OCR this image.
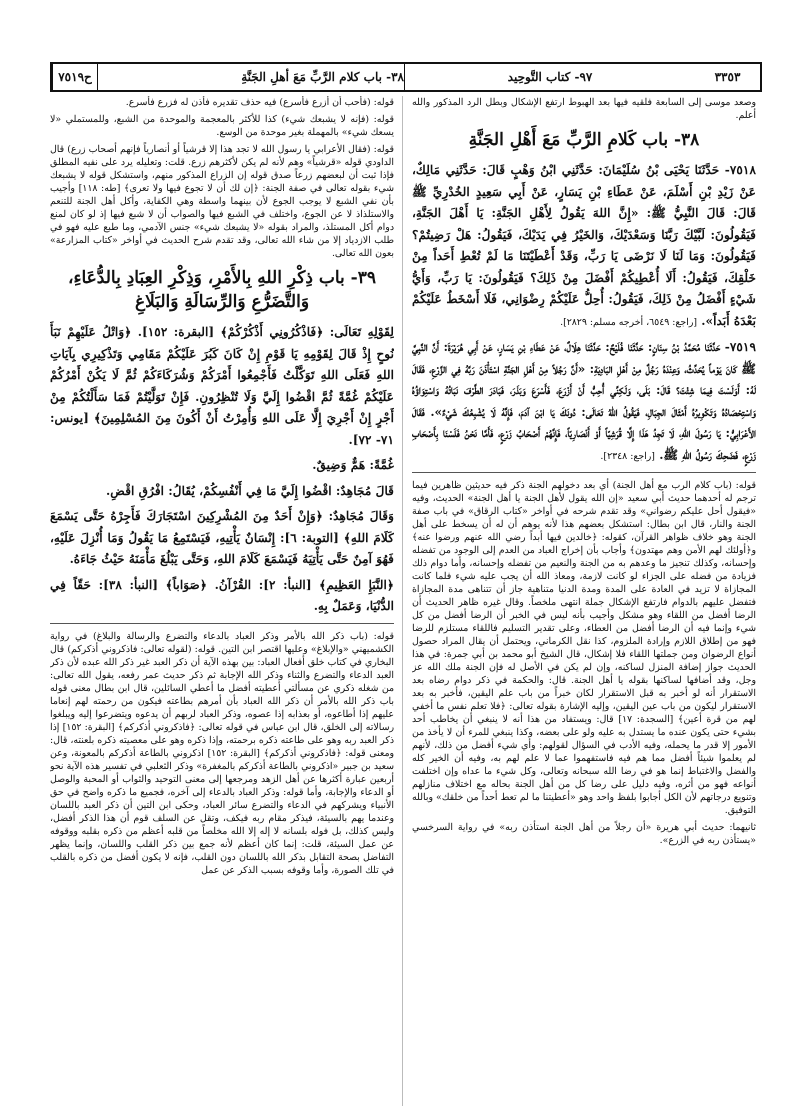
٣٣٥٣
٩٧- كتاب التَّوحِيد
٣٨- باب كلام الرَّبِّ مَعَ أهلِ الجَنَّةِ
ح٧٥١٩

وصعد موسى إلى السابعة فلقيه فيها بعد الهبوط ارتفع الإشكال وبطل الرد المذكور والله أعلم.

٣٨- باب كَلامِ الرَّبِّ مَعَ أَهْلِ الجَنَّةِ

٧٥١٨- حَدَّثَنَا يَحْيَى بْنُ سُلَيْمَانَ: حَدَّثَنِي ابْنُ وَهْبٍ قَالَ: حَدَّثَنِي مَالِكٌ، عَنْ زَيْدِ بْنِ أَسْلَمَ، عَنْ عَطَاءِ بْنِ يَسَارٍ، عَنْ أَبِي سَعِيدٍ الخُدْرِيِّ ﷺ قَالَ: قَالَ النَّبِيُّ ﷺ: «إِنَّ اللهَ يَقُولُ لِأَهْلِ الجَنَّةِ: يَا أَهْلَ الجَنَّةِ، فَيَقُولُونَ: لَبَّيْكَ رَبَّنَا وَسَعْدَيْكَ، وَالخَيْرُ فِي يَدَيْكَ، فَيَقُولُ: هَلْ رَضِيتُمْ؟ فَيَقُولُونَ: وَمَا لَنَا لَا نَرْضَى يَا رَبِّ، وَقَدْ أَعْطَيْتَنَا مَا لَمْ تُعْطِ أَحَداً مِنْ خَلْقِكَ، فَيَقُولُ: أَلَا أُعْطِيكُمْ أَفْضَلَ مِنْ ذَلِكَ؟ فَيَقُولُونَ: يَا رَبِّ، وَأَيُّ شَيْءٍ أَفْضَلُ مِنْ ذَلِكَ، فَيَقُولُ: أُحِلُّ عَلَيْكُمْ رِضْوَانِي، فَلَا أَسْخَطُ عَلَيْكُمْ بَعْدَهُ أَبَداً». [راجع: ٦٥٤٩، أخرجه مسلم: ٢٨٢٩].

٧٥١٩- حَدَّثَنَا مُحَمَّدُ بْنُ سِنَانٍ: حَدَّثَنَا فُلَيْحٌ: حَدَّثَنَا هِلَالٌ، عَنْ عَطَاءِ بْنِ يَسَارٍ، عَنْ أَبِي هُرَيْرَةَ: أَنَّ النَّبِيَّ ﷺ كَانَ يَوْماً يُحَدِّثُ، وَعِنْدَهُ رَجُلٌ مِنْ أَهْلِ البَادِيَةِ: «أَنَّ رَجُلاً مِنْ أَهْلِ الجَنَّةِ اسْتَأْذَنَ رَبَّهُ فِي الزَّرْعِ، فَقَالَ لَهُ: أَوَلَسْتَ فِيمَا شِئْتَ؟ قَالَ: بَلَى، وَلَكِنِّي أُحِبُّ أَنْ أَزْرَعَ، فَأَسْرَعَ وَبَذَرَ، فَبَادَرَ الطَّرْفَ نَبَاتُهُ وَاسْتِوَاؤُهُ وَاسْتِحْصَادُهُ وَتَكْوِيرُهُ أَمْثَالَ الجِبَالِ، فَيَقُولُ اللهُ تَعَالَى: دُونَكَ يَا ابْنَ آدَمَ، فَإِنَّهُ لَا يُشْبِعُكَ شَيْءٌ». فَقَالَ الأَعْرَابِيُّ: يَا رَسُولَ اللهِ، لَا تَجِدُ هَذَا إِلَّا قُرَشِيّاً أَوْ أَنْصَارِيّاً، فَإِنَّهُمْ أَصْحَابُ زَرْعٍ، فَأَمَّا نَحْنُ فَلَسْنَا بِأَصْحَابِ زَرْعٍ، فَضَحِكَ رَسُولُ اللهِ ﷺ. [راجع: ٢٣٤٨].

قوله: (باب كلام الرب مع أهل الجنة) أي بعد دخولهم الجنة ذكر فيه حديثين ظاهرين فيما ترجم له أحدهما حديث أبي سعيد «إن الله يقول لأهل الجنة يا أهل الجنة» الحديث، وفيه «فيقول أحل عليكم رضواني» وقد تقدم شرحه في أواخر «كتاب الرقاق» في باب صفة الجنة والنار، قال ابن بطال: استشكل بعضهم هذا لأنه يوهم أن له أن يسخط على أهل الجنة وهو خلاف ظواهر القرآن، كقوله: ﴿خالدين فيها أبداً رضي الله عنهم ورضوا عنه﴾ و﴿أولئك لهم الأمن وهم مهتدون﴾ وأجاب بأن إخراج العباد من العدم إلى الوجود من تفضله وإحسانه، وكذلك تنجيز ما وعدهم به من الجنة والنعيم من تفضله وإحسانه، وأما دوام ذلك فزيادة من فضله على الجزاء لو كانت لازمة، ومعاذ الله أن يجب عليه شيء فلما كانت المجازاة لا تزيد في العادة على المدة ومدة الدنيا متناهية جاز أن تتناهى مدة المجازاة فتفضل عليهم بالدوام فارتفع الإشكال جملة انتهى ملخصاً. وقال غيره ظاهر الحديث أن الرضا أفضل من اللقاء وهو مشكل وأجيب بأنه ليس في الخبر أن الرضا أفضل من كل شيء وإنما فيه أن الرضا أفضل من العطاء، وعلى تقدير التسليم فاللقاء مستلزم للرضا فهو من إطلاق اللازم وإرادة الملزوم، كذا نقل الكرماني، ويحتمل أن يقال المراد حصول أنواع الرضوان ومن جملتها اللقاء فلا إشكال، قال الشيخ أبو محمد بن أبي جمرة: في هذا الحديث جواز إضافة المنزل لساكنه، وإن لم يكن في الأصل له فإن الجنة ملك الله عز وجل، وقد أضافها لساكنها بقوله يا أهل الجنة. قال: والحكمة في ذكر دوام رضاه بعد الاستقرار أنه لو أخبر به قبل الاستقرار لكان خبراً من باب علم اليقين، فأخبر به بعد الاستقرار ليكون من باب عين اليقين، وإليه الإشارة بقوله تعالى: ﴿فلا تعلم نفس ما أخفي لهم من قرة أعين﴾ [السجدة: ١٧] قال: ويستفاد من هذا أنه لا ينبغي أن يخاطب أحد بشيء حتى يكون عنده ما يستدل به عليه ولو على بعضه، وكذا ينبغي للمرء أن لا يأخذ من الأمور إلا قدر ما يحمله، وفيه الأدب في السؤال لقولهم: وأي شيء أفضل من ذلك، لأنهم لم يعلموا شيئاً أفضل مما هم فيه فاستفهموا عما لا علم لهم به، وفيه أن الخير كله والفضل والاغتباط إنما هو في رضا الله سبحانه وتعالى، وكل شيء ما عداه وإن اختلفت أنواعه فهو من أثره، وفيه دليل على رضا كل من أهل الجنة بحاله مع اختلاف منازلهم وتنويع درجاتهم لأن الكل أجابوا بلفظ واحد وهو «أعطيتنا ما لم تعط أحداً من خلقك» وبالله التوفيق.

ثانيهما: حديث أبي هريرة «أن رجلاً من أهل الجنة استأذن ربه» في رواية السرخسي «يستأذن ربه في الزرع».

قوله: (فأحب أن أزرع فأسرع) فيه حذف تقديره فأذن له فزرع فأسرع.

قوله: (فإنه لا يشبعك شيء) كذا للأكثر بالمعجمة والموحدة من الشبع، وللمستملي «لا يسعك شيء» بالمهملة بغير موحدة من الوسع.

قوله: (فقال الأعرابي يا رسول الله لا تجد هذا إلا قرشياً أو أنصارياً فإنهم أصحاب زرع) قال الداودي قوله «قرشياً» وهم لأنه لم يكن لأكثرهم زرع. قلت: وتعليله يرد على نفيه المطلق فإذا ثبت أن لبعضهم زرعاً صدق قوله إن الزراع المذكور منهم، واستشكل قوله لا يشبعك شيء بقوله تعالى في صفة الجنة: ﴿إن لك أن لا تجوع فيها ولا تعرى﴾ [طه: ١١٨] وأجيب بأن نفي الشبع لا يوجب الجوع لأن بينهما واسطة وهي الكفاية، وأكل أهل الجنة للتنعم والاستلذاذ لا عن الجوع، واختلف في الشبع فيها والصواب أن لا شبع فيها إذ لو كان لمنع دوام أكل المستلذ، والمراد بقوله «لا يشبعك شيء» جنس الآدمي، وما طبع عليه فهو في طلب الازدياد إلا من شاء الله تعالى، وقد تقدم شرح الحديث في أواخر «كتاب المزارعة» بعون الله تعالى.

٣٩- باب ذِكْرِ اللهِ بِالأَمْرِ، وَذِكْرِ العِبَادِ بِالدُّعَاءِ، وَالتَّضَرُّعِ وَالرِّسَالَةِ وَالبَلَاغِ

لِقَوْلِهِ تَعَالَى: ﴿فَاذْكُرُونِي أَذْكُرْكُمْ﴾ [البقرة: ١٥٢]. ﴿وَاتْلُ عَلَيْهِمْ نَبَأَ نُوحٍ إِذْ قَالَ لِقَوْمِهِ يَا قَوْمِ إِنْ كَانَ كَبُرَ عَلَيْكُمْ مَقَامِي وَتَذْكِيرِي بِآيَاتِ اللهِ فَعَلَى اللهِ تَوَكَّلْتُ فَأَجْمِعُوا أَمْرَكُمْ وَشُرَكَاءَكُمْ ثُمَّ لَا يَكُنْ أَمْرُكُمْ عَلَيْكُمْ غُمَّةً ثُمَّ اقْضُوا إِلَيَّ وَلَا تُنْظِرُونِ. فَإِنْ تَوَلَّيْتُمْ فَمَا سَأَلْتُكُمْ مِنْ أَجْرٍ إِنْ أَجْرِيَ إِلَّا عَلَى اللهِ وَأُمِرْتُ أَنْ أَكُونَ مِنَ المُسْلِمِينَ﴾ [يونس: ٧١- ٧٢].

غُمَّةً: هَمٌّ وَضِيقٌ.

قَالَ مُجَاهِدٌ: اقْضُوا إِلَيَّ مَا فِي أَنْفُسِكُمْ، يُقَالُ: افْرُقِ اقْضِ.

وَقَالَ مُجَاهِدٌ: ﴿وَإِنْ أَحَدٌ مِنَ المُشْرِكِينَ اسْتَجَارَكَ فَأَجِرْهُ حَتَّى يَسْمَعَ كَلَامَ اللهِ﴾ [التوبة: ٦]: إِنْسَانٌ يَأْتِيهِ، فَيَسْتَمِعُ مَا يَقُولُ وَمَا أُنْزِلَ عَلَيْهِ، فَهُوَ آمِنٌ حَتَّى يَأْتِيَهُ فَيَسْمَعَ كَلَامَ اللهِ، وَحَتَّى يَبْلُغَ مَأْمَنَهُ حَيْثُ جَاءَهُ.

﴿النَّبَإِ العَظِيمِ﴾ [النبأ: ٢]: القُرْآنُ. ﴿صَوَاباً﴾ [النبأ: ٣٨]: حَقّاً فِي الدُّنْيَا، وَعَمَلٌ بِهِ.

قوله: (باب ذكر الله بالأمر وذكر العباد بالدعاء والتضرع والرسالة والبلاغ) في رواية الكشميهني «والإبلاغ» وعليها اقتصر ابن التين. قوله: (لقوله تعالى: فاذكروني أذكركم) قال البخاري في كتاب خلق أفعال العباد: بين بهذه الآية أن ذكر العبد غير ذكر الله عبده لأن ذكر العبد الدعاء والتضرع والثناء وذكر الله الإجابة ثم ذكر حديث عمر رفعه، يقول الله تعالى: من شغله ذكري عن مسألتي أعطيته أفضل ما أعطي السائلين، قال ابن بطال معنى قوله باب ذكر الله بالأمر أن ذكر الله العباد بأن أمرهم بطاعته فيكون من رحمته لهم إنعاما عليهم إذا أطاعوه، أو بعذابه إذا عصوه، وذكر العباد لربهم أن يدعوه ويتضرعوا إليه ويبلغوا رسالاته إلى الخلق، قال ابن عباس في قوله تعالى: ﴿فاذكروني أذكركم﴾ [البقرة: ١٥٢] إذا ذكر العبد ربه وهو على طاعته ذكره برحمته، وإذا ذكره وهو على معصيته ذكره بلعنته، قال: ومعنى قوله: ﴿فاذكروني أذكركم﴾ [البقرة: ١٥٢] اذكروني بالطاعة أذكركم بالمعونة، وعن سعيد بن جبير «اذكروني بالطاعة أذكركم بالمغفرة» وذكر الثعلبي في تفسير هذه الآية نحو أربعين عبارة أكثرها عن أهل الزهد ومرجعها إلى معنى التوحيد والثواب أو المحبة والوصل أو الدعاء والإجابة، وأما قوله: وذكر العباد بالدعاء إلى آخره، فجميع ما ذكره واضح في حق الأنبياء ويشركهم في الدعاء والتضرع سائر العباد، وحكى ابن التين أن ذكر العبد باللسان وعندما يهم بالسيئة، فيذكر مقام ربه فيكف، وتقل عن السلف قوم أن هذا الذكر أفضل، وليس كذلك، بل فوله بلسانه لا إله إلا الله مخلصاً من قلبه أعظم من ذكره بقلبه ووقوفه عن عمل السيئة، قلت: إنما كان أعظم لأنه جمع بين ذكر القلب واللسان، وإنما يظهر التفاضل بصحة التقابل بذكر الله باللسان دون القلب، فإنه لا يكون أفضل من ذكره بالقلب في تلك الصورة، وأما وقوفه بسبب الذكر عن عمل
